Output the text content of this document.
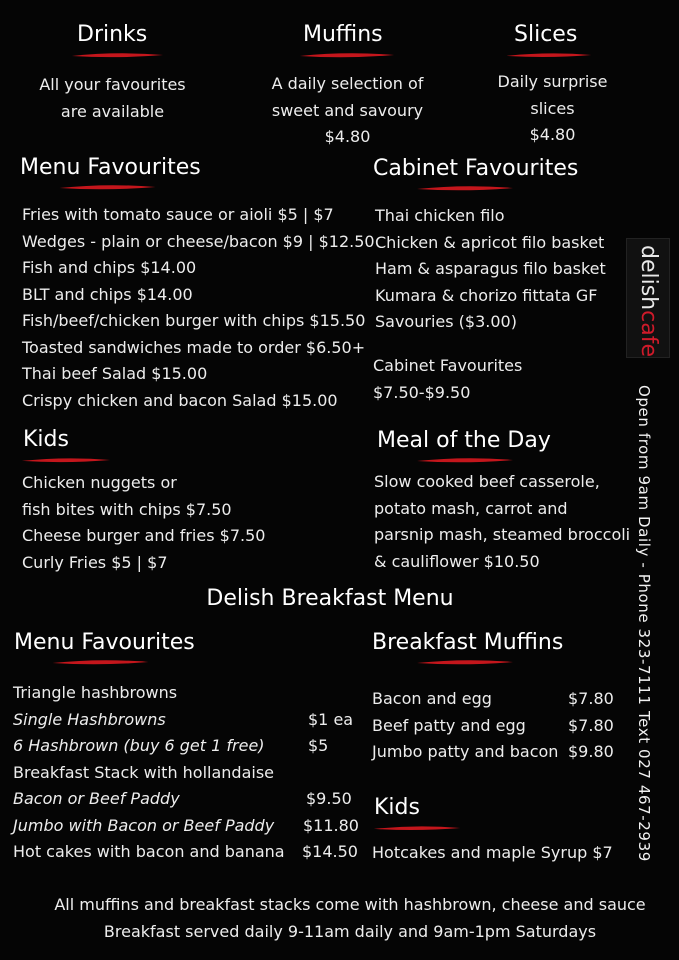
Drinks
All your favourites
are available
Muffins
A daily selection of
sweet and savoury
$4.80
Slices
Daily surprise
slices
$4.80
Menu Favourites
Fries with tomato sauce or aioli $5 | $7
Wedges - plain or cheese/bacon $9 | $12.50
Fish and chips $14.00
BLT and chips $14.00
Fish/beef/chicken burger with chips $15.50
Toasted sandwiches made to order $6.50+
Thai beef Salad $15.00
Crispy chicken and bacon Salad $15.00
Cabinet Favourites
Thai chicken filo
Chicken & apricot filo basket
Ham & asparagus filo basket
Kumara & chorizo fittata GF
Savouries ($3.00)
Cabinet Favourites
$7.50-$9.50
Kids
Chicken nuggets or
fish bites with chips $7.50
Cheese burger and fries $7.50
Curly Fries $5 | $7
Meal of the Day
Slow cooked beef casserole,
potato mash, carrot and
parsnip mash, steamed broccoli
& cauliflower $10.50
Delish Breakfast Menu
Menu Favourites
Triangle hashbrowns
Single Hashbrowns	$1 ea
6 Hashbrown (buy 6 get 1 free)	$5
Breakfast Stack with hollandaise
Bacon or Beef Paddy	$9.50
Jumbo with Bacon or Beef Paddy $11.80
Hot cakes with bacon and banana $14.50
Breakfast Muffins
Bacon and egg	$7.80
Beef patty and egg	$7.80
Jumbo patty and bacon $9.80
Kids
Hotcakes and maple Syrup $7
delishcafe
Open from 9am Daily - Phone 323-7111 Text 027 467-2939
All muffins and breakfast stacks come with hashbrown, cheese and sauce
Breakfast served daily 9-11am daily and 9am-1pm Saturdays
